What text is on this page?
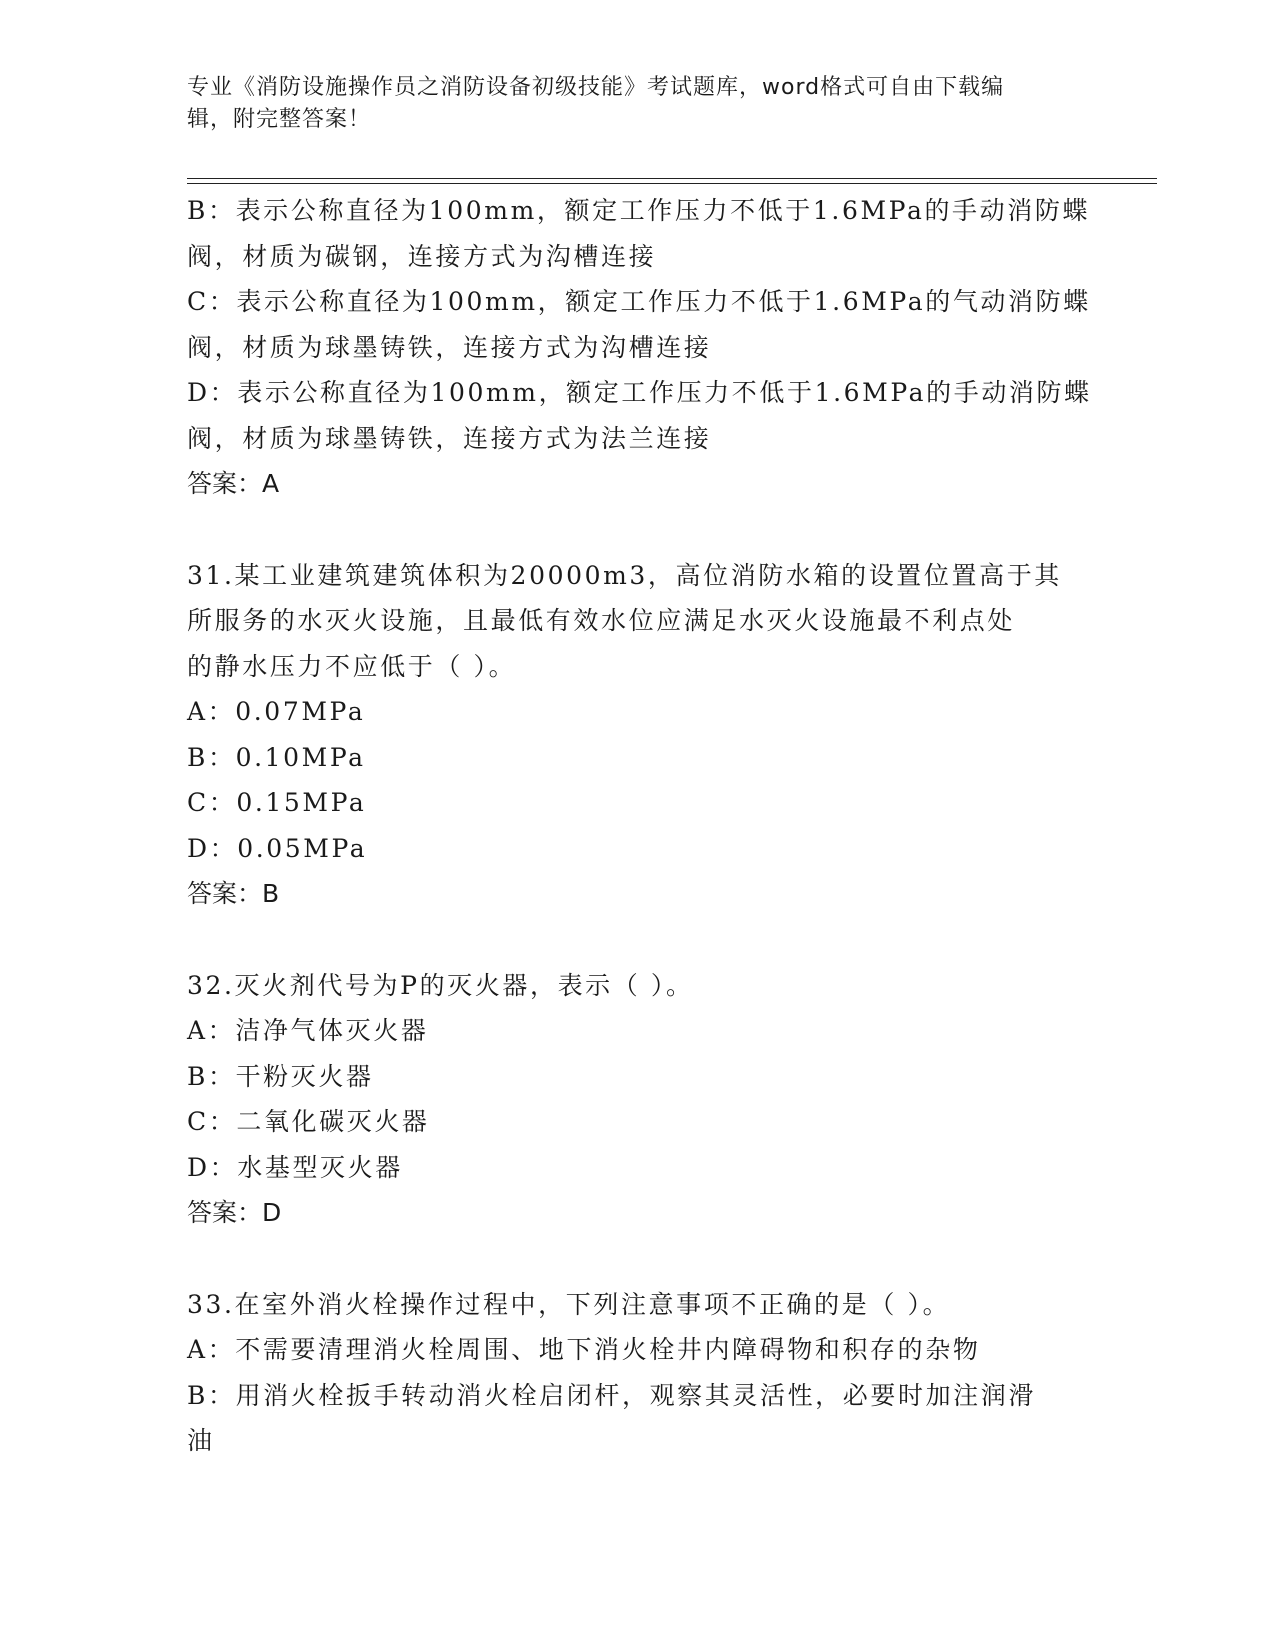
专业《消防设施操作员之消防设备初级技能》考试题库，word格式可自由下载编
辑，附完整答案！

B：表示公称直径为100mm，额定工作压力不低于1.6MPa的手动消防蝶

阀，材质为碳钢，连接方式为沟槽连接

C：表示公称直径为100mm，额定工作压力不低于1.6MPa的气动消防蝶

阀，材质为球墨铸铁，连接方式为沟槽连接

D：表示公称直径为100mm，额定工作压力不低于1.6MPa的手动消防蝶

阀，材质为球墨铸铁，连接方式为法兰连接

答案：A

31.某工业建筑建筑体积为20000m3，高位消防水箱的设置位置高于其

所服务的水灭火设施，且最低有效水位应满足水灭火设施最不利点处

的静水压力不应低于（ ）。

A：0.07MPa

B：0.10MPa

C：0.15MPa

D：0.05MPa

答案：B

32.灭火剂代号为P的灭火器，表示（ ）。

A：洁净气体灭火器

B：干粉灭火器

C：二氧化碳灭火器

D：水基型灭火器

答案：D

33.在室外消火栓操作过程中，下列注意事项不正确的是（ ）。

A：不需要清理消火栓周围、地下消火栓井内障碍物和积存的杂物

B：用消火栓扳手转动消火栓启闭杆，观察其灵活性，必要时加注润滑

油
